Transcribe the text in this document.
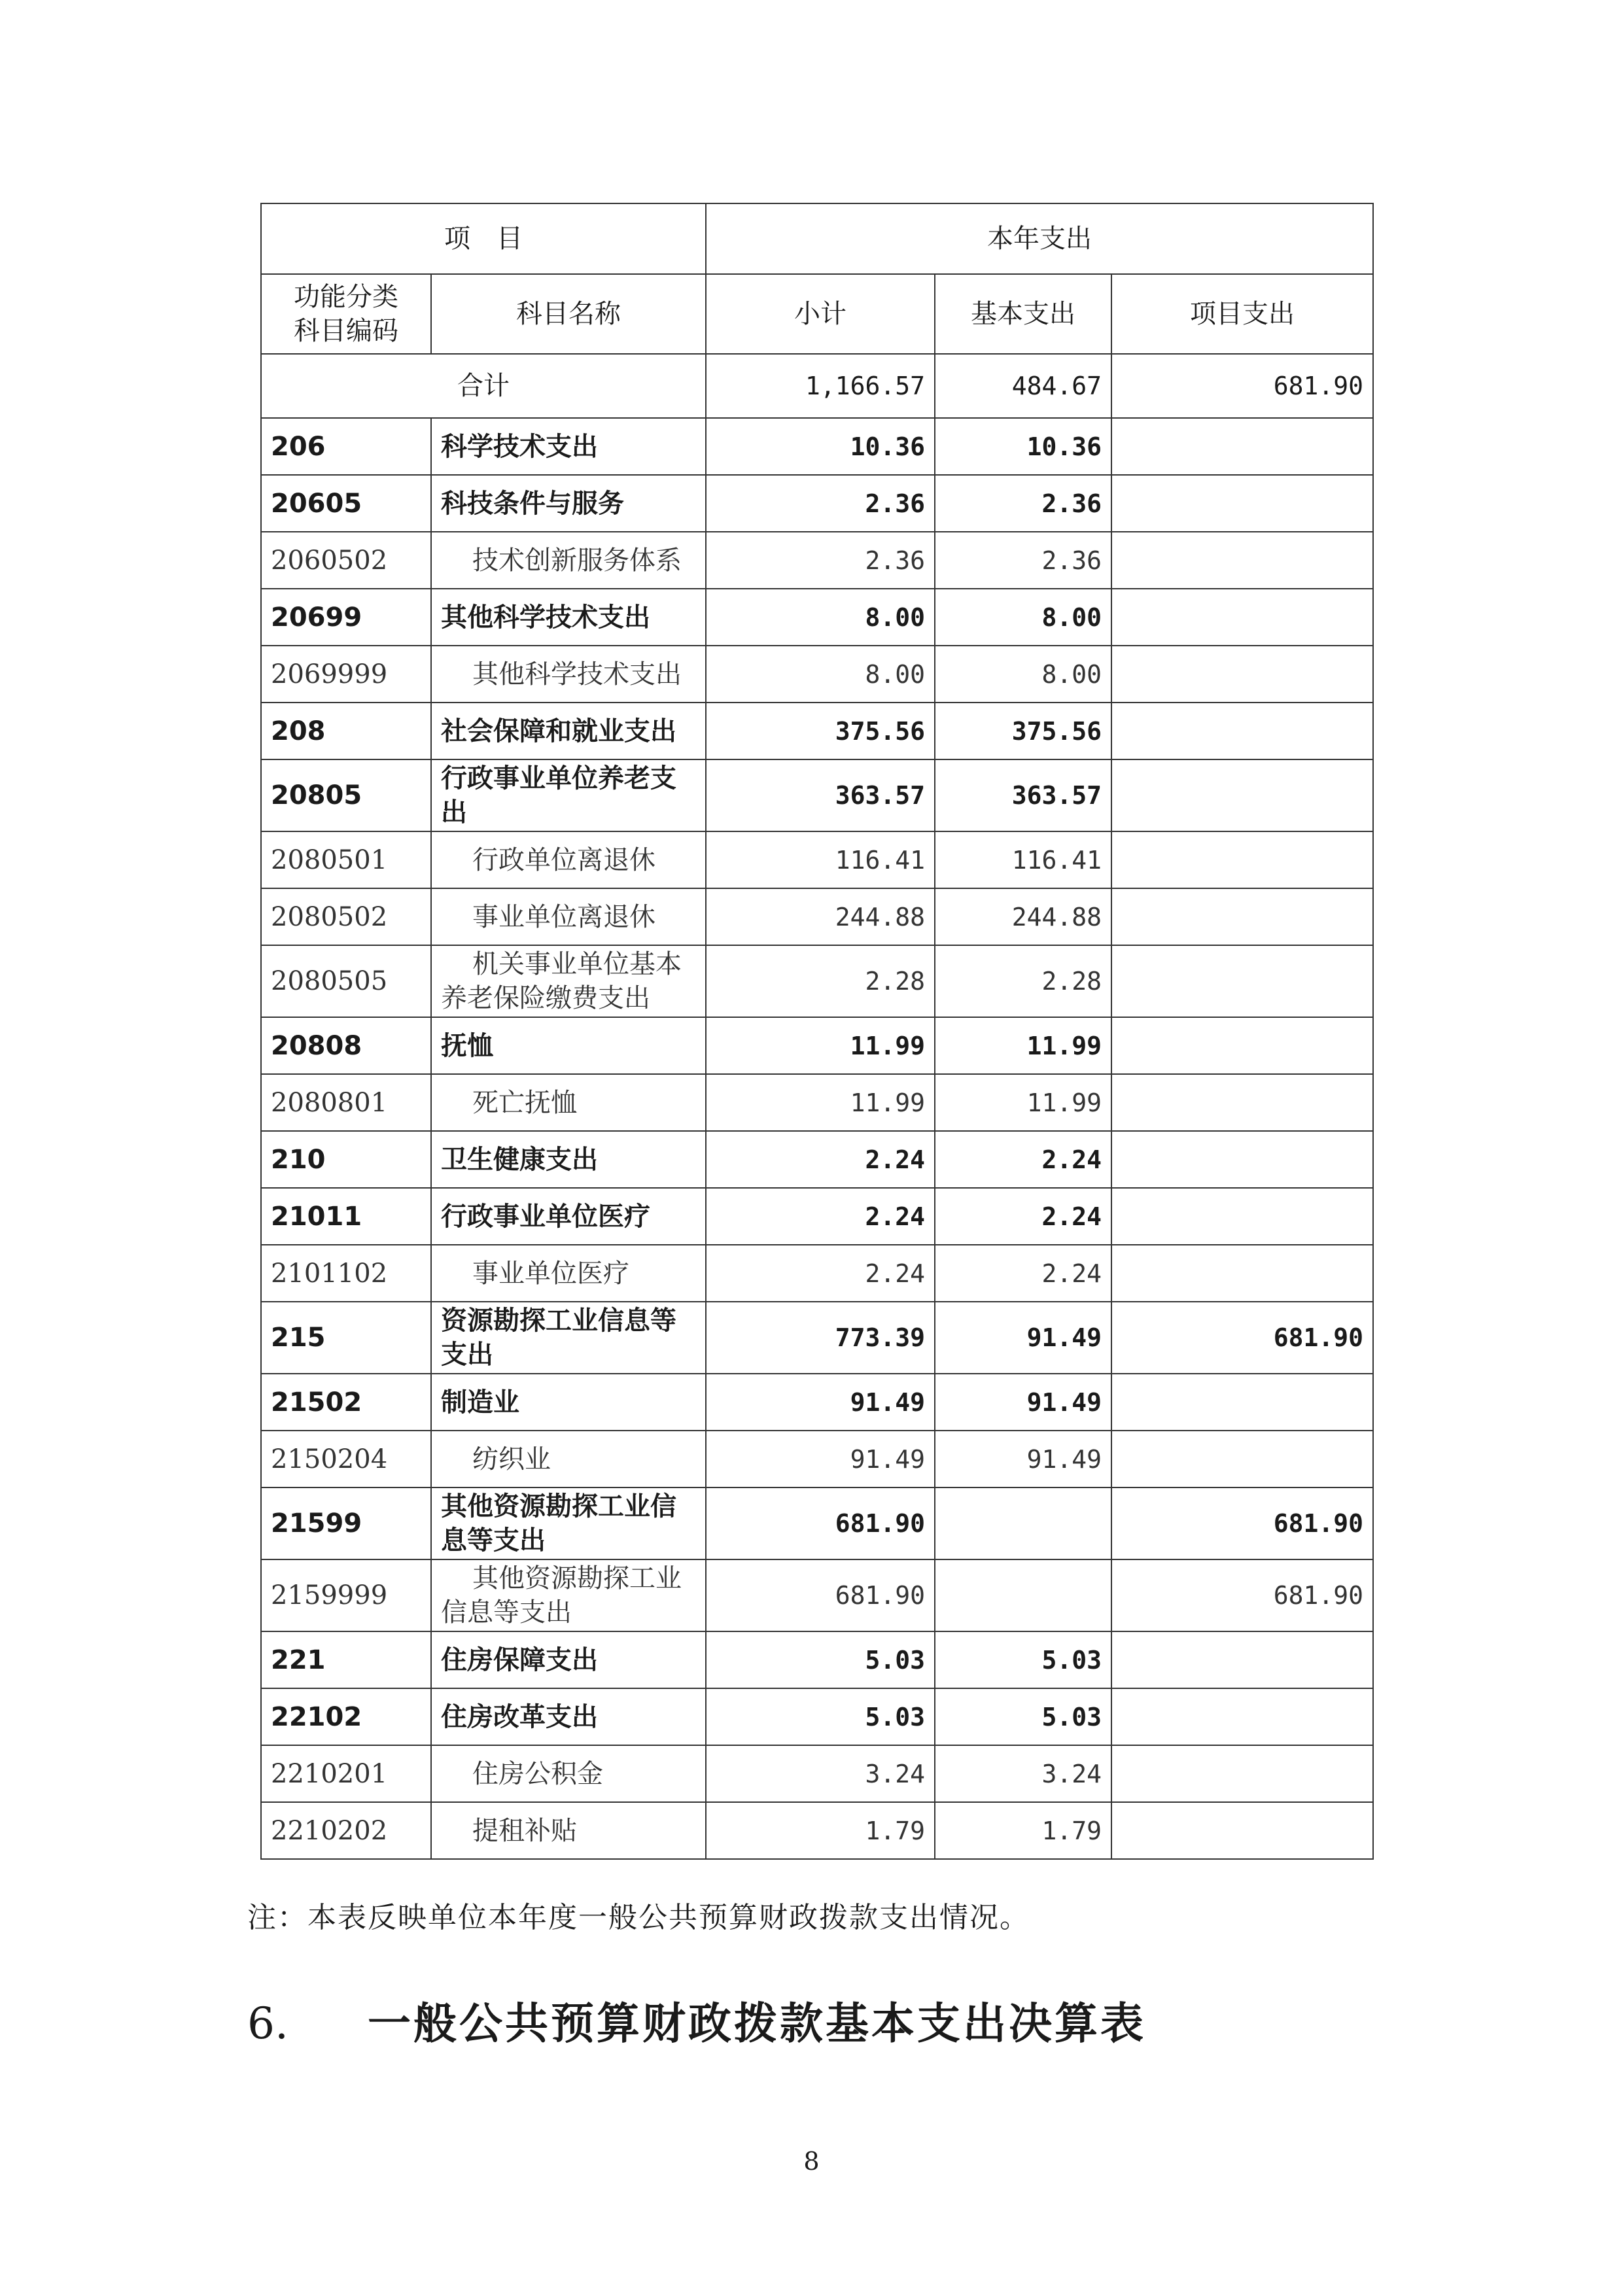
项　目		本年支出		

功能分类
科目编码	科目名称	小计	基本支出	项目支出
合计		1,166.57	484.67	681.90
206	科学技术支出	10.36	10.36	
20605	科技条件与服务	2.36	2.36	
2060502	技术创新服务体系	2.36	2.36	
20699	其他科学技术支出	8.00	8.00	
2069999	其他科学技术支出	8.00	8.00	
208	社会保障和就业支出	375.56	375.56	
20805	行政事业单位养老支出	363.57	363.57	
2080501	行政单位离退休	116.41	116.41	
2080502	事业单位离退休	244.88	244.88	
2080505	机关事业单位基本养老保险缴费支出	2.28	2.28	
20808	抚恤	11.99	11.99	
2080801	死亡抚恤	11.99	11.99	
210	卫生健康支出	2.24	2.24	
21011	行政事业单位医疗	2.24	2.24	
2101102	事业单位医疗	2.24	2.24	
215	资源勘探工业信息等支出	773.39	91.49	681.90
21502	制造业	91.49	91.49	
2150204	纺织业	91.49	91.49	
21599	其他资源勘探工业信息等支出	681.90		681.90
2159999	其他资源勘探工业信息等支出	681.90		681.90
221	住房保障支出	5.03	5.03	
22102	住房改革支出	5.03	5.03	
2210201	住房公积金	3.24	3.24	
2210202	提租补贴	1.79	1.79	
注：本表反映单位本年度一般公共预算财政拨款支出情况。
6. 一般公共预算财政拨款基本支出决算表
8
